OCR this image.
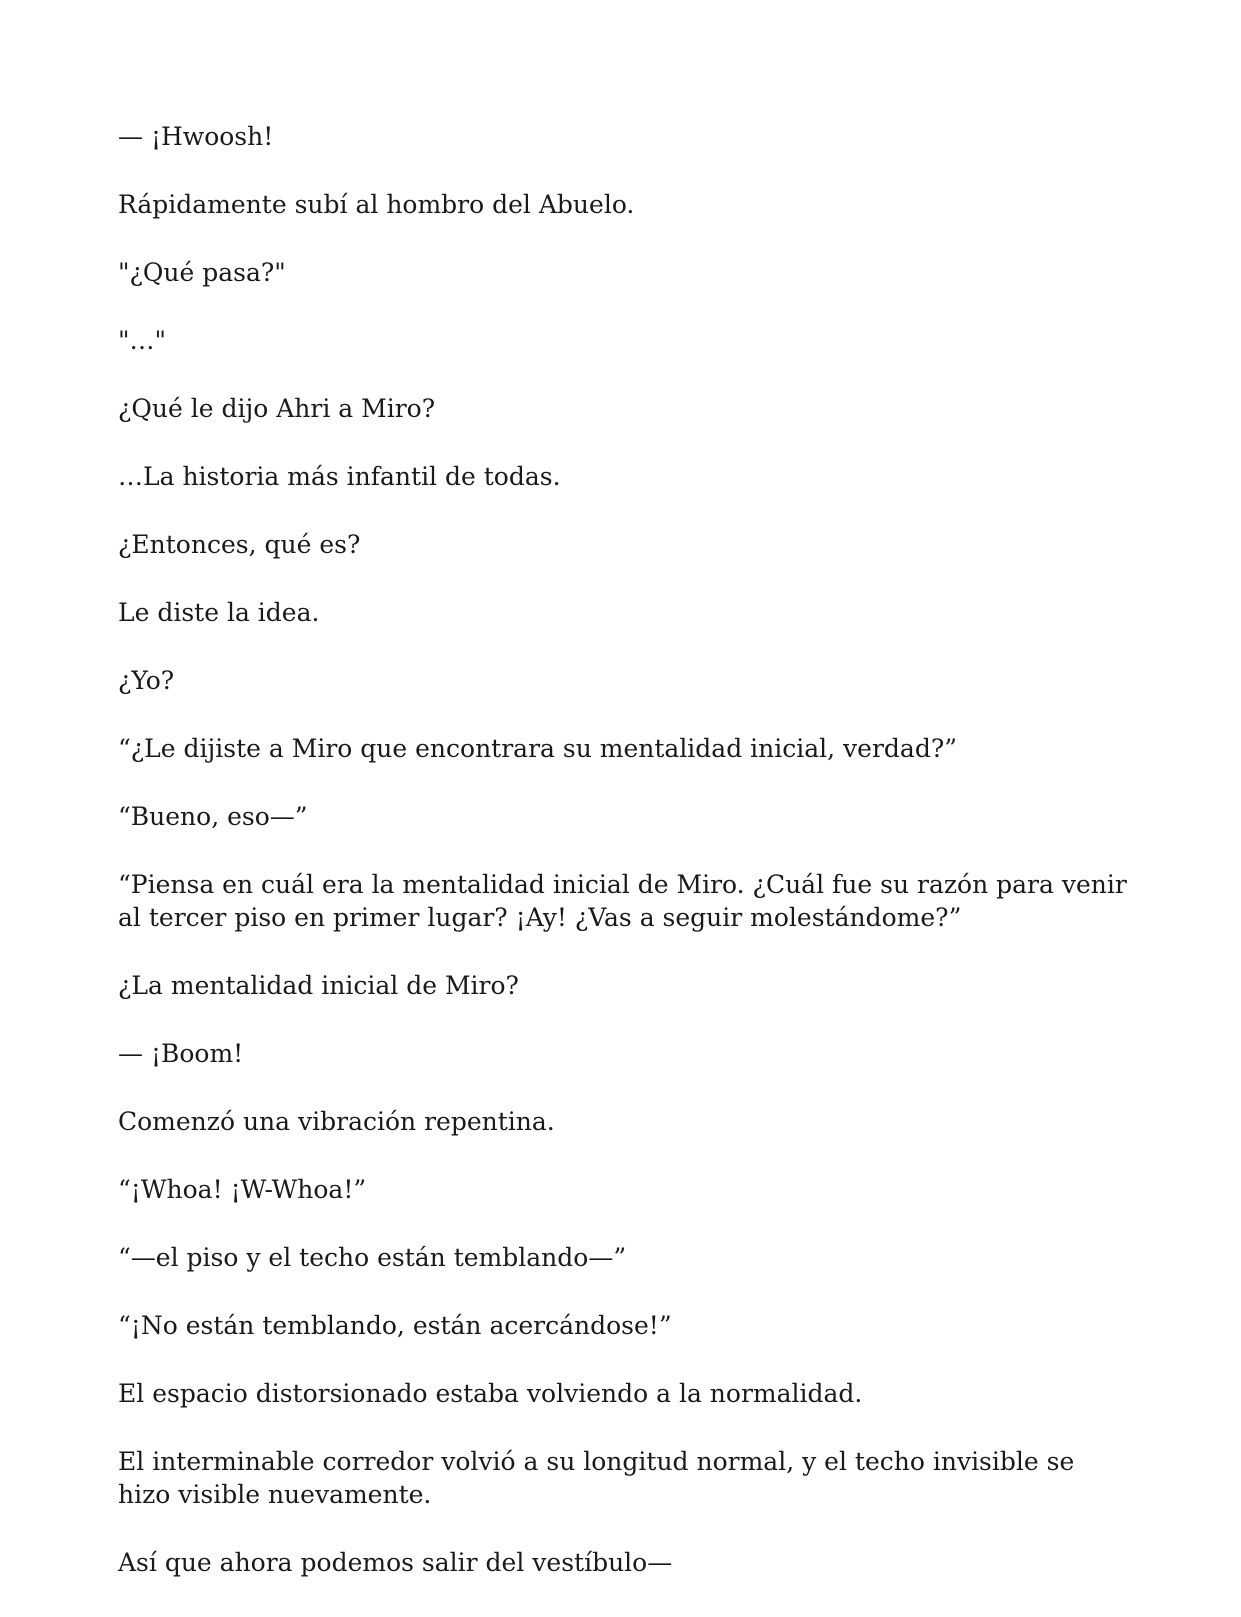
— ¡Hwoosh!

Rápidamente subí al hombro del Abuelo.

"¿Qué pasa?"

"…"

¿Qué le dijo Ahri a Miro?

…La historia más infantil de todas.

¿Entonces, qué es?

Le diste la idea.

¿Yo?

“¿Le dijiste a Miro que encontrara su mentalidad inicial, verdad?”

“Bueno, eso—”

“Piensa en cuál era la mentalidad inicial de Miro. ¿Cuál fue su razón para venir al tercer piso en primer lugar? ¡Ay! ¿Vas a seguir molestándome?”

¿La mentalidad inicial de Miro?

— ¡Boom!

Comenzó una vibración repentina.

“¡Whoa! ¡W-Whoa!”

“—el piso y el techo están temblando—”

“¡No están temblando, están acercándose!”

El espacio distorsionado estaba volviendo a la normalidad.

El interminable corredor volvió a su longitud normal, y el techo invisible se hizo visible nuevamente.

Así que ahora podemos salir del vestíbulo—
